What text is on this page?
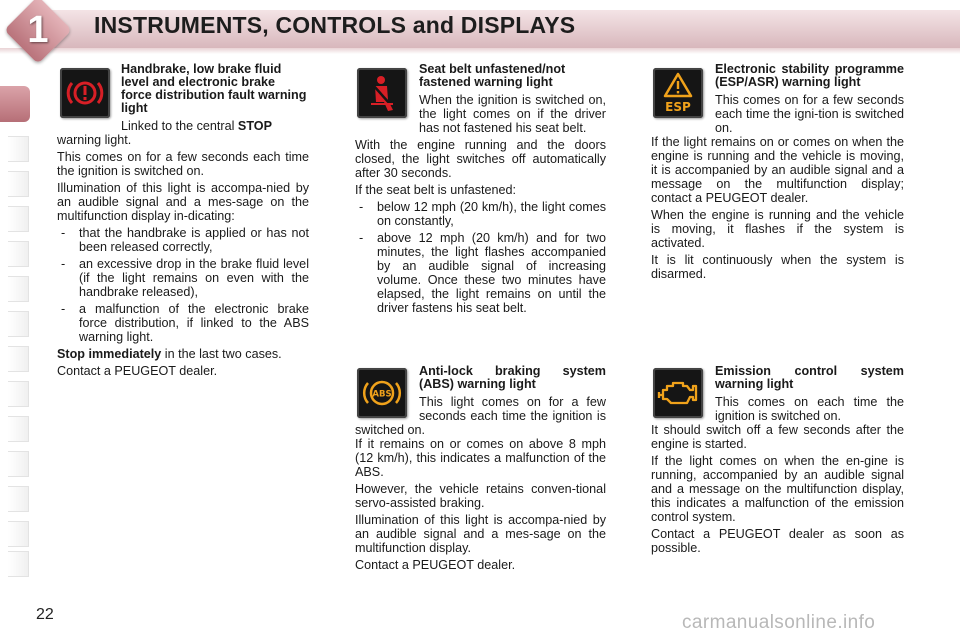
1	INSTRUMENTS, CONTROLS and DISPLAYS
Handbrake, low brake fluid level and electronic brake force distribution fault warning light

Linked to the central STOP

warning light.

This comes on for a few seconds each time the ignition is switched on.

Illumination of this light is accompa-nied by an audible signal and a mes-sage on the multifunction display in-dicating:

- that the handbrake is applied or has not been released correctly,
- an excessive drop in the brake fluid level (if the light remains on even with the handbrake released),
- a malfunction of the electronic brake force distribution, if linked to the ABS warning light.

Stop immediately in the last two cases.

Contact a PEUGEOT dealer.

Seat belt unfastened/not fastened warning light

When the ignition is switched on, the light comes on if the driver has not fastened his seat belt.

With the engine running and the doors closed, the light switches off automatically after 30 seconds.

If the seat belt is unfastened:

- below 12 mph (20 km/h), the light comes on constantly,
- above 12 mph (20 km/h) and for two minutes, the light flashes accompanied by an audible signal of increasing volume. Once these two minutes have elapsed, the light remains on until the driver fastens his seat belt.
ABS

Anti-lock braking system (ABS) warning light
This light comes on for a few seconds each time the ignition is switched on.

If it remains on or comes on above 8 mph (12 km/h), this indicates a malfunction of the ABS.

However, the vehicle retains conven-tional servo-assisted braking.

Illumination of this light is accompa-nied by an audible signal and a mes-sage on the multifunction display.

Contact a PEUGEOT dealer.

ESP

Electronic stability programme (ESP/ASR) warning light
This comes on for a few seconds each time the igni-tion is switched on.

If the light remains on or comes on when the engine is running and the vehicle is moving, it is accompanied by an audible signal and a message on the multifunction display; contact a PEUGEOT dealer.

When the engine is running and the vehicle is moving, it flashes if the system is activated.

It is lit continuously when the system is disarmed.

Emission control system warning light
This comes on each time the ignition is switched on.

It should switch off a few seconds after the engine is started.

If the light comes on when the en-gine is running, accompanied by an audible signal and a message on the multifunction display, this indicates a malfunction of the emission control system.

Contact a PEUGEOT dealer as soon as possible.

22	carmanualsonline.info
